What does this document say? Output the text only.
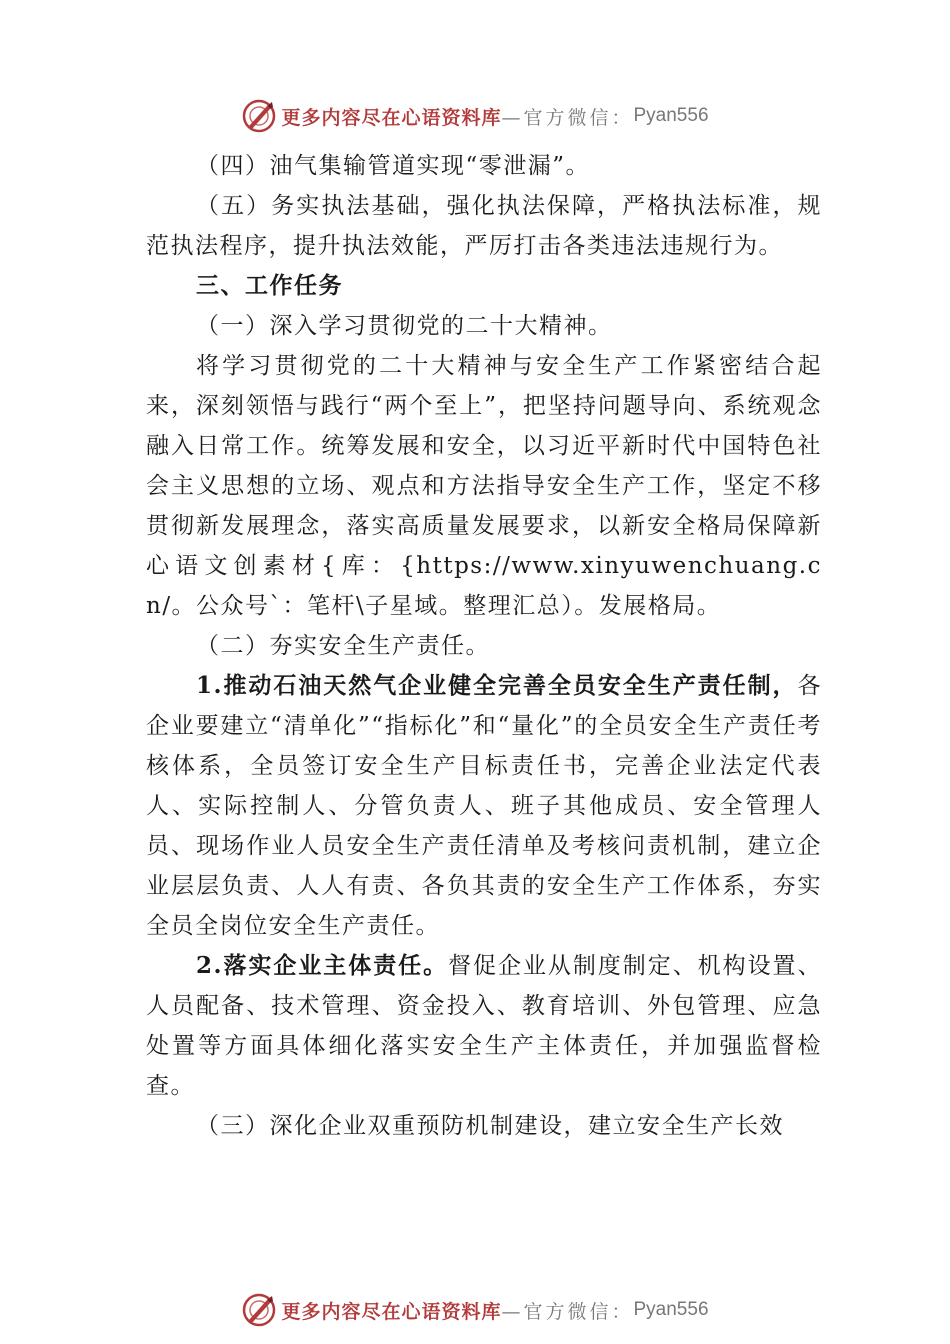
更多内容尽在心语资料库 —官方微信： Pyan556

（四）油气集输管道实现“零泄漏”。

（五）务实执法基础，强化执法保障，严格执法标准，规范执法程序，提升执法效能，严厉打击各类违法违规行为。

三、工作任务

（一）深入学习贯彻党的二十大精神。

将学习贯彻党的二十大精神与安全生产工作紧密结合起来，深刻领悟与践行“两个至上”，把坚持问题导向、系统观念融入日常工作。统筹发展和安全，以习近平新时代中国特色社会主义思想的立场、观点和方法指导安全生产工作，坚定不移贯彻新发展理念，落实高质量发展要求，以新安全格局保障新心语文创素材{库：{https://www.xinyuwenchuang.cn/。公众号`：笔杆\子星域。整理汇总）。发展格局。

（二）夯实安全生产责任。

1.推动石油天然气企业健全完善全员安全生产责任制，各企业要建立“清单化”“指标化”和“量化”的全员安全生产责任考核体系，全员签订安全生产目标责任书，完善企业法定代表人、实际控制人、分管负责人、班子其他成员、安全管理人员、现场作业人员安全生产责任清单及考核问责机制，建立企业层层负责、人人有责、各负其责的安全生产工作体系，夯实全员全岗位安全生产责任。

2.落实企业主体责任。督促企业从制度制定、机构设置、人员配备、技术管理、资金投入、教育培训、外包管理、应急处置等方面具体细化落实安全生产主体责任，并加强监督检查。

（三）深化企业双重预防机制建设，建立安全生产长效

更多内容尽在心语资料库 —官方微信： Pyan556
